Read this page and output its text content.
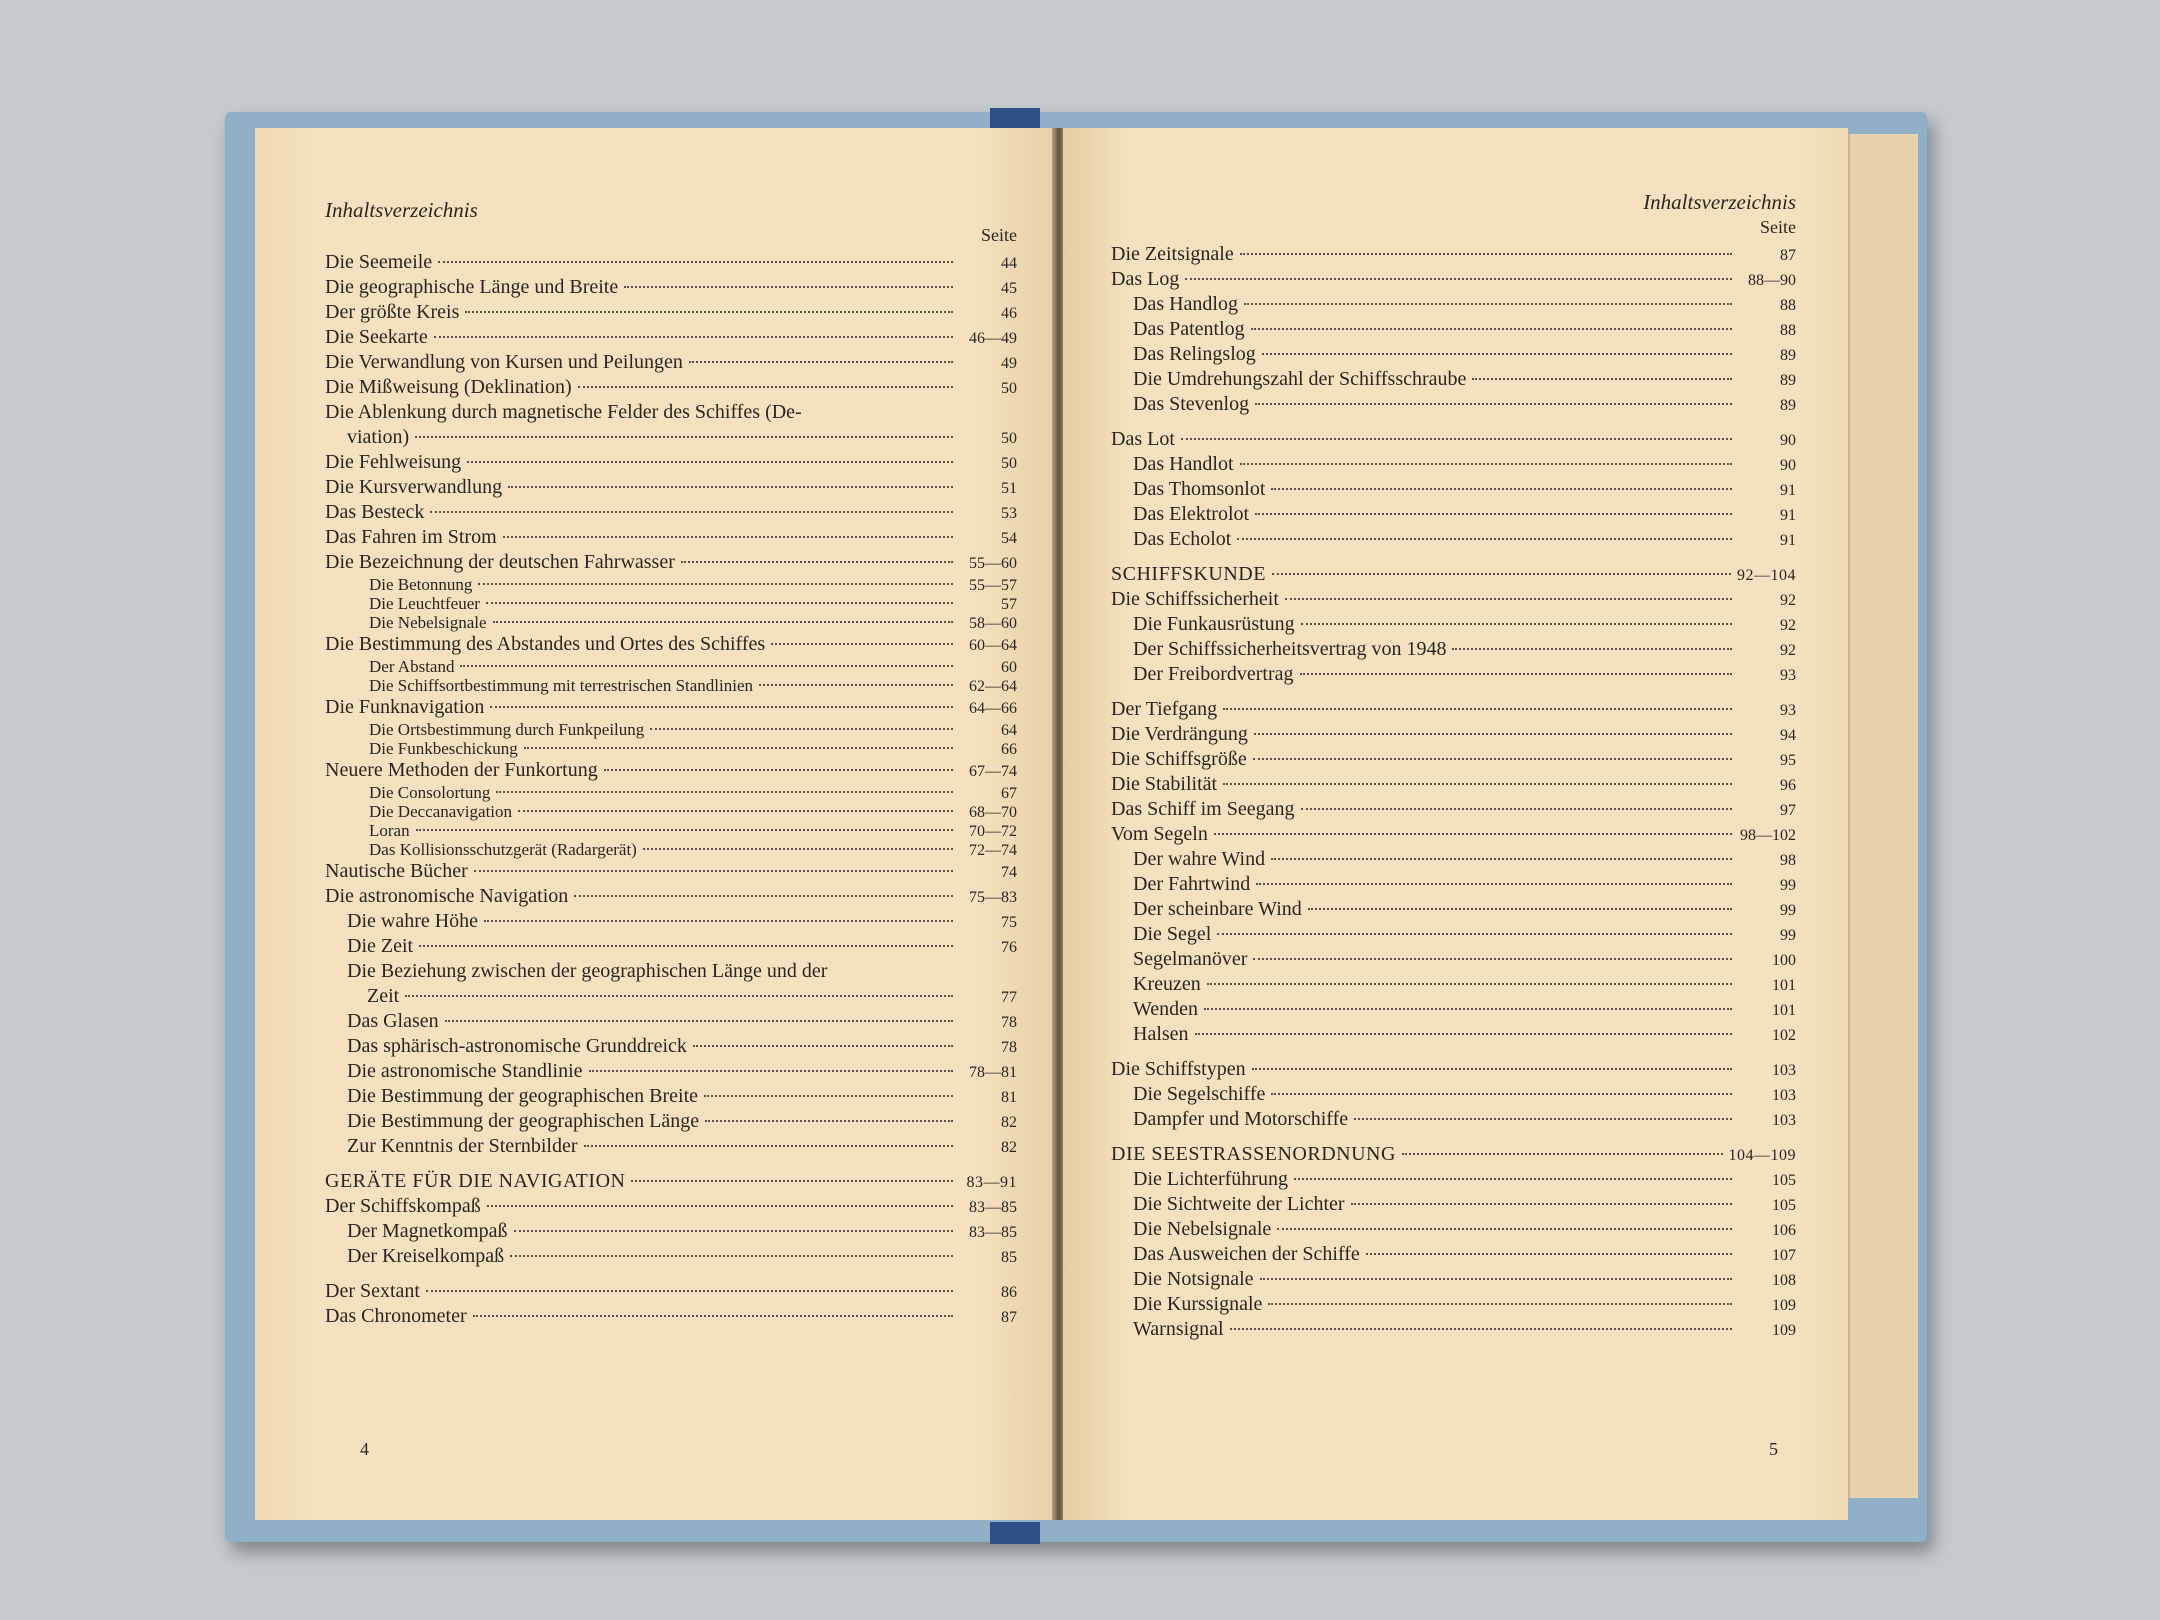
Inhaltsverzeichnis
Seite
Die Seemeile	44
Die geographische Länge und Breite	45
Der größte Kreis	46
Die Seekarte	46—49
Die Verwandlung von Kursen und Peilungen	49
Die Mißweisung (Deklination)	50
Die Ablenkung durch magnetische Felder des Schiffes (De-
viation)	50
Die Fehlweisung	50
Die Kursverwandlung	51
Das Besteck	53
Das Fahren im Strom	54
Die Bezeichnung der deutschen Fahrwasser	55—60
Die Betonnung	55—57
Die Leuchtfeuer	57
Die Nebelsignale	58—60
Die Bestimmung des Abstandes und Ortes des Schiffes	60—64
Der Abstand	60
Die Schiffsortbestimmung mit terrestrischen Standlinien	62—64
Die Funknavigation	64—66
Die Ortsbestimmung durch Funkpeilung	64
Die Funkbeschickung	66
Neuere Methoden der Funkortung	67—74
Die Consolortung	67
Die Deccanavigation	68—70
Loran	70—72
Das Kollisionsschutzgerät (Radargerät)	72—74
Nautische Bücher	74
Die astronomische Navigation	75—83
Die wahre Höhe	75
Die Zeit	76
Die Beziehung zwischen der geographischen Länge und der
Zeit	77
Das Glasen	78
Das sphärisch-astronomische Grunddreick	78
Die astronomische Standlinie	78—81
Die Bestimmung der geographischen Breite	81
Die Bestimmung der geographischen Länge	82
Zur Kenntnis der Sternbilder	82
GERÄTE FÜR DIE NAVIGATION	83—91
Der Schiffskompaß	83—85
Der Magnetkompaß	83—85
Der Kreiselkompaß	85
Der Sextant	86
Das Chronometer	87
4
Inhaltsverzeichnis
Seite
Die Zeitsignale	87
Das Log	88—90
Das Handlog	88
Das Patentlog	88
Das Relingslog	89
Die Umdrehungszahl der Schiffsschraube	89
Das Stevenlog	89
Das Lot	90
Das Handlot	90
Das Thomsonlot	91
Das Elektrolot	91
Das Echolot	91
SCHIFFSKUNDE	92—104
Die Schiffssicherheit	92
Die Funkausrüstung	92
Der Schiffssicherheitsvertrag von 1948	92
Der Freibordvertrag	93
Der Tiefgang	93
Die Verdrängung	94
Die Schiffsgröße	95
Die Stabilität	96
Das Schiff im Seegang	97
Vom Segeln	98—102
Der wahre Wind	98
Der Fahrtwind	99
Der scheinbare Wind	99
Die Segel	99
Segelmanöver	100
Kreuzen	101
Wenden	101
Halsen	102
Die Schiffstypen	103
Die Segelschiffe	103
Dampfer und Motorschiffe	103
DIE SEESTRASSENORDNUNG	104—109
Die Lichterführung	105
Die Sichtweite der Lichter	105
Die Nebelsignale	106
Das Ausweichen der Schiffe	107
Die Notsignale	108
Die Kurssignale	109
Warnsignal	109
5
